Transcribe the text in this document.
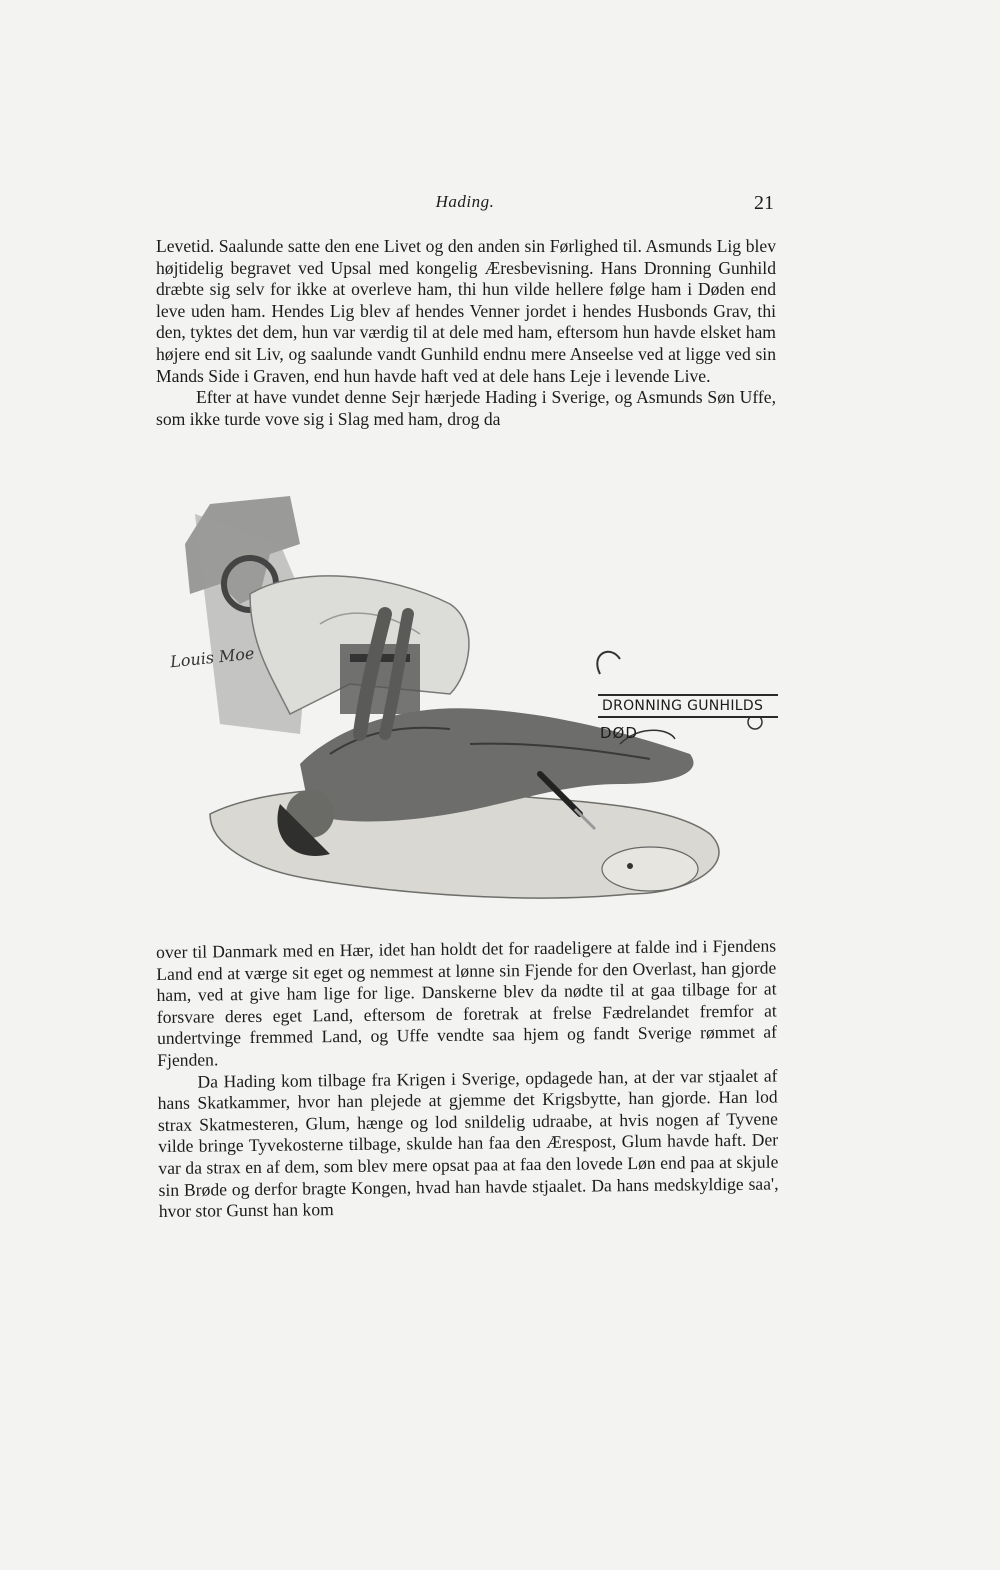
Hading.	21

Levetid. Saalunde satte den ene Livet og den anden sin Førlighed til. Asmunds Lig blev højtidelig begravet ved Upsal med kongelig Æresbevisning. Hans Dronning Gunhild dræbte sig selv for ikke at overleve ham, thi hun vilde hellere følge ham i Døden end leve uden ham. Hendes Lig blev af hendes Venner jordet i hendes Husbonds Grav, thi den, tyktes det dem, hun var værdig til at dele med ham, eftersom hun havde elsket ham højere end sit Liv, og saalunde vandt Gunhild endnu mere Anseelse ved at ligge ved sin Mands Side i Graven, end hun havde haft ved at dele hans Leje i levende Live.

Efter at have vundet denne Sejr hærjede Hading i Sverige, og Asmunds Søn Uffe, som ikke turde vove sig i Slag med ham, drog da

Louis Moe
DRONNING GUNHILDS
DØD

over til Danmark med en Hær, idet han holdt det for raadeligere at falde ind i Fjendens Land end at værge sit eget og nemmest at lønne sin Fjende for den Overlast, han gjorde ham, ved at give ham lige for lige. Danskerne blev da nødte til at gaa tilbage for at forsvare deres eget Land, eftersom de foretrak at frelse Fædrelandet fremfor at undertvinge fremmed Land, og Uffe vendte saa hjem og fandt Sverige rømmet af Fjenden.

Da Hading kom tilbage fra Krigen i Sverige, opdagede han, at der var stjaalet af hans Skatkammer, hvor han plejede at gjemme det Krigsbytte, han gjorde. Han lod strax Skatmesteren, Glum, hænge og lod snildelig udraabe, at hvis nogen af Tyvene vilde bringe Tyvekosterne tilbage, skulde han faa den Ærespost, Glum havde haft. Der var da strax en af dem, som blev mere opsat paa at faa den lovede Løn end paa at skjule sin Brøde og derfor bragte Kongen, hvad han havde stjaalet. Da hans medskyldige saa', hvor stor Gunst han kom
